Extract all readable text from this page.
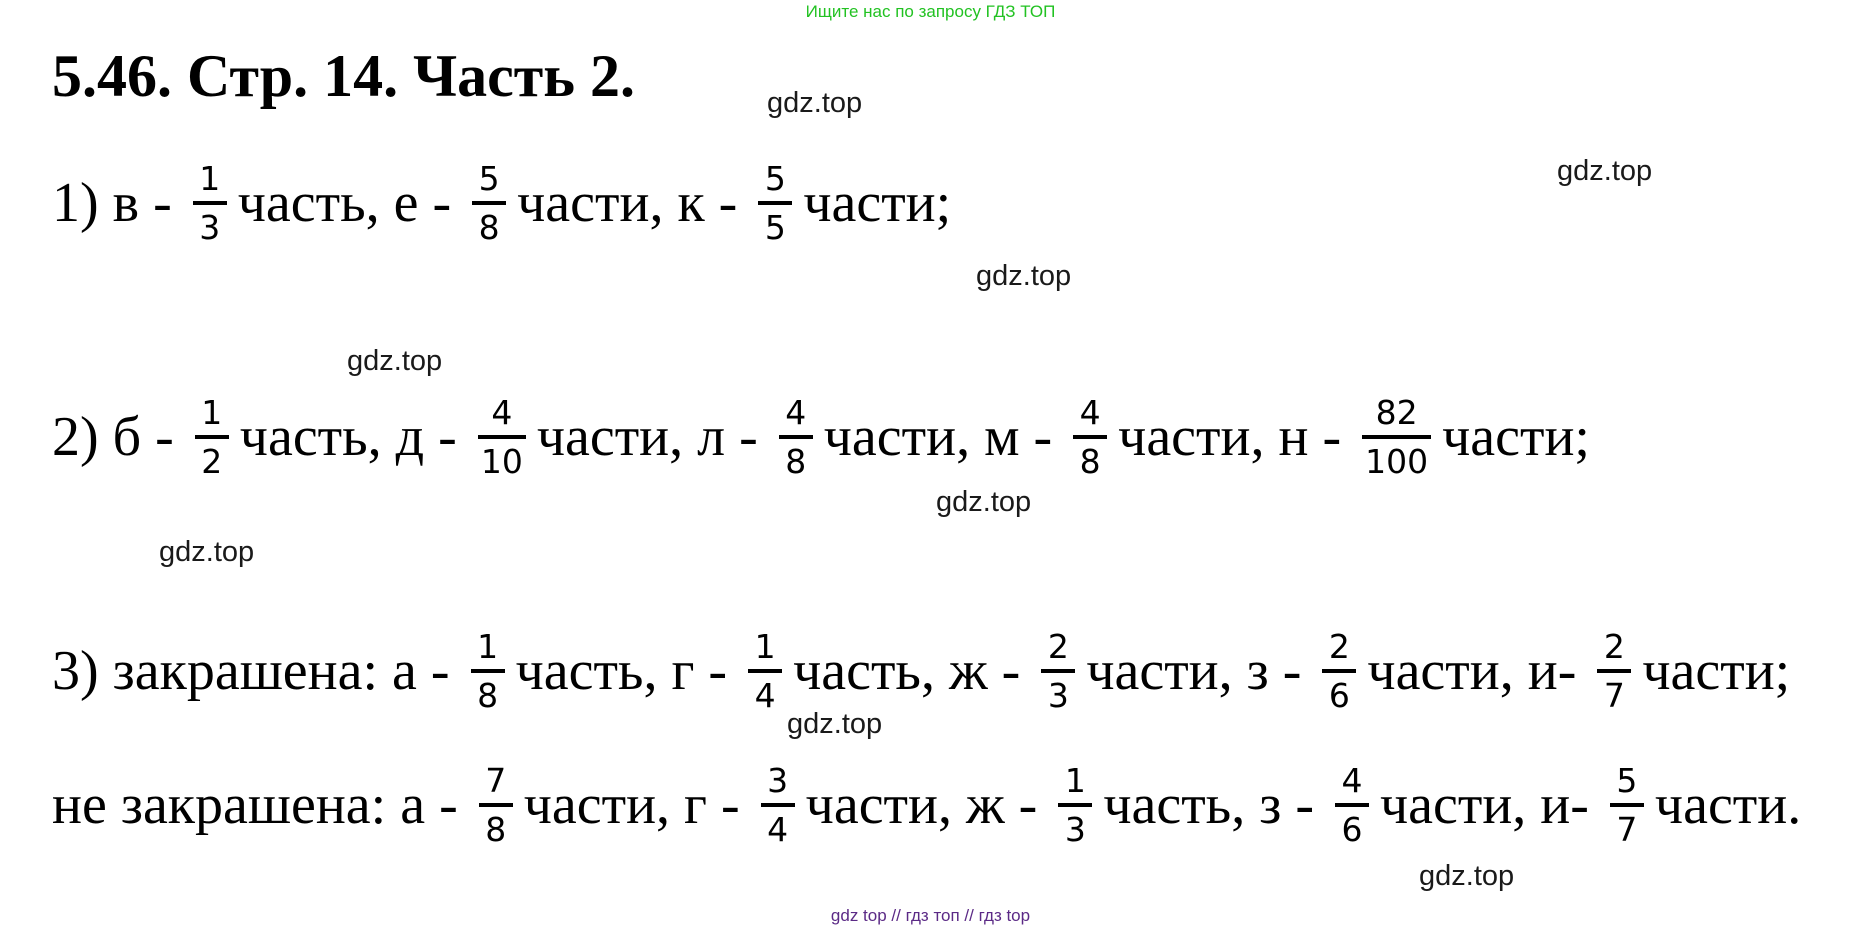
Ищите нас по запросу ГДЗ ТОП
5.46. Стр. 14. Часть 2.
1) в - $\frac{1}{3}$ часть, е - $\frac{5}{8}$ части, к - $\frac{5}{5}$ части;
2) б - $\frac{1}{2}$ часть, д - $\frac{4}{10}$ части, л - $\frac{4}{8}$ части, м - $\frac{4}{8}$ части, н - $\frac{82}{100}$ части;
3) закрашена: а - $\frac{1}{8}$ часть, г - $\frac{1}{4}$ часть, ж - $\frac{2}{3}$ части, з - $\frac{2}{6}$ части, $и- \frac{2}{7}$ части;
не закрашена: а - $\frac{7}{8}$ части, г - $\frac{3}{4}$ части, ж - $\frac{1}{3}$ часть, з - $\frac{4}{6}$ части, $и- \frac{5}{7}$ части.
gdz.top
gdz.top
gdz.top
gdz.top
gdz.top
gdz.top
gdz.top
gdz.top
gdz top // гдз топ // гдз top
